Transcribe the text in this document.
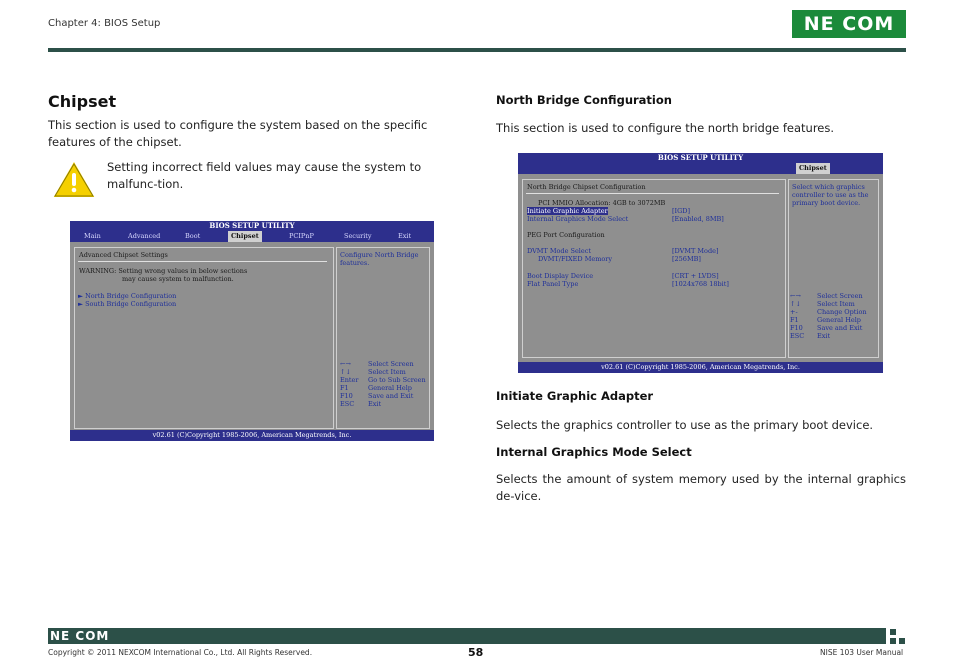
Chapter 4: BIOS Setup	NE COM
Chipset
This section is used to configure the system based on the specific features of the chipset.
Setting incorrect field values may cause the system to malfunc-tion.
BIOS SETUP UTILITY
Main	Advanced	Boot	Chipset	PCIPnP	Security	Exit
Advanced Chipset Settings
WARNING: Setting wrong values in below sections
may cause system to malfunction.
► North Bridge Configuration
► South Bridge Configuration
Configure North Bridge
features.
←→	Select Screen
↑↓	Select Item
Enter Go to Sub Screen
F1	General Help
F10 Save and Exit
ESC Exit
v02.61 (C)Copyright 1985-2006, American Megatrends, Inc.
North Bridge Configuration
This section is used to configure the north bridge features.
BIOS SETUP UTILITY
Chipset
North Bridge Chipset Configuration
PCI MMIO Allocation: 4GB to 3072MB
Initiate Graphic Adapter	[IGD]
Internal Graphics Mode Select	[Enabled, 8MB]
PEG Port Configuration
DVMT Mode Select	[DVMT Mode]
DVMT/FIXED Memory	[256MB]
Boot Display Device	[CRT + LVDS]
Flat Panel Type	[1024x768 18bit]
Select which graphics
controller to use as the
primary boot device.
←→ Select Screen
↑↓ Select Item
+-	Change Option
F1	General Help
F10 Save and Exit
ESC Exit
v02.61 (C)Copyright 1985-2006, American Megatrends, Inc.
Initiate Graphic Adapter
Selects the graphics controller to use as the primary boot device.
Internal Graphics Mode Select
Selects the amount of system memory used by the internal graphics de-vice.
NE COM
Copyright © 2011 NEXCOM International Co., Ltd. All Rights Reserved.	58	NISE 103 User Manual
